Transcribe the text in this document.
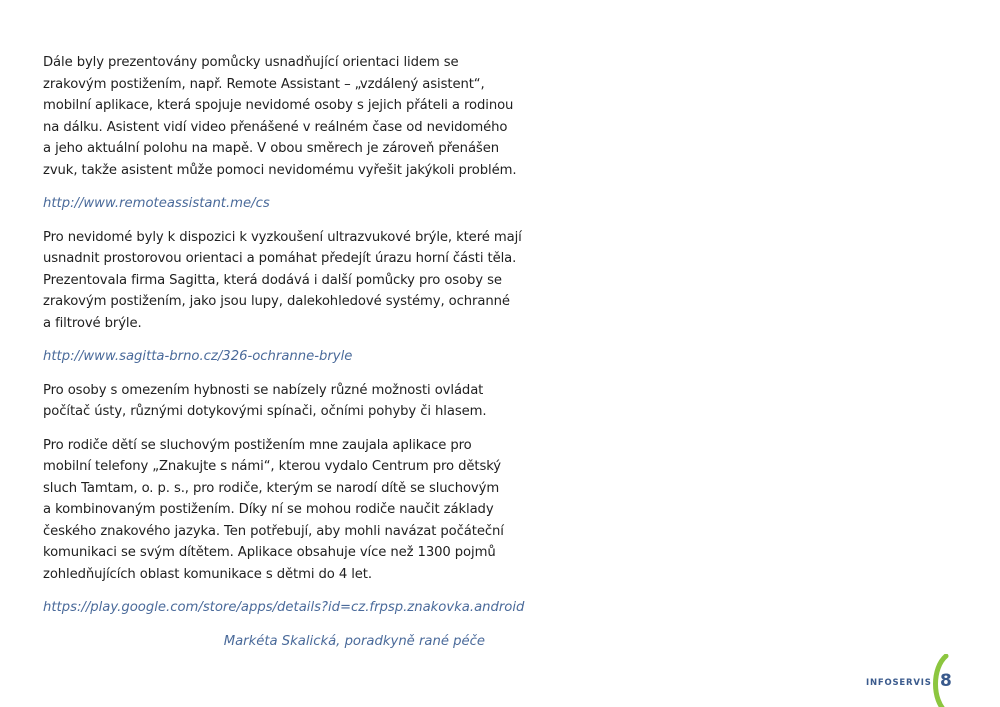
Dále byly prezentovány pomůcky usnadňující orientaci lidem se
zrakovým postižením, např. Remote Assistant – „vzdálený asistent“,
mobilní aplikace, která spojuje nevidomé osoby s jejich přáteli a rodinou
na dálku. Asistent vidí video přenášené v reálném čase od nevidomého
a jeho aktuální polohu na mapě. V obou směrech je zároveň přenášen
zvuk, takže asistent může pomoci nevidomému vyřešit jakýkoli problém.

http://www.remoteassistant.me/cs

Pro nevidomé byly k dispozici k vyzkoušení ultrazvukové brýle, které mají
usnadnit prostorovou orientaci a pomáhat předejít úrazu horní části těla.
Prezentovala firma Sagitta, která dodává i další pomůcky pro osoby se
zrakovým postižením, jako jsou lupy, dalekohledové systémy, ochranné
a filtrové brýle.

http://www.sagitta-brno.cz/326-ochranne-bryle

Pro osoby s omezením hybnosti se nabízely různé možnosti ovládat
počítač ústy, různými dotykovými spínači, očními pohyby či hlasem.

Pro rodiče dětí se sluchovým postižením mne zaujala aplikace pro
mobilní telefony „Znakujte s námi“, kterou vydalo Centrum pro dětský
sluch Tamtam, o. p. s., pro rodiče, kterým se narodí dítě se sluchovým
a kombinovaným postižením. Díky ní se mohou rodiče naučit základy
českého znakového jazyka. Ten potřebují, aby mohli navázat počáteční
komunikaci se svým dítětem. Aplikace obsahuje více než 1300 pojmů
zohledňujících oblast komunikace s dětmi do 4 let.

https://play.google.com/store/apps/details?id=cz.frpsp.znakovka.android

Markéta Skalická, poradkyně rané péče

INFOSERVIS 8
